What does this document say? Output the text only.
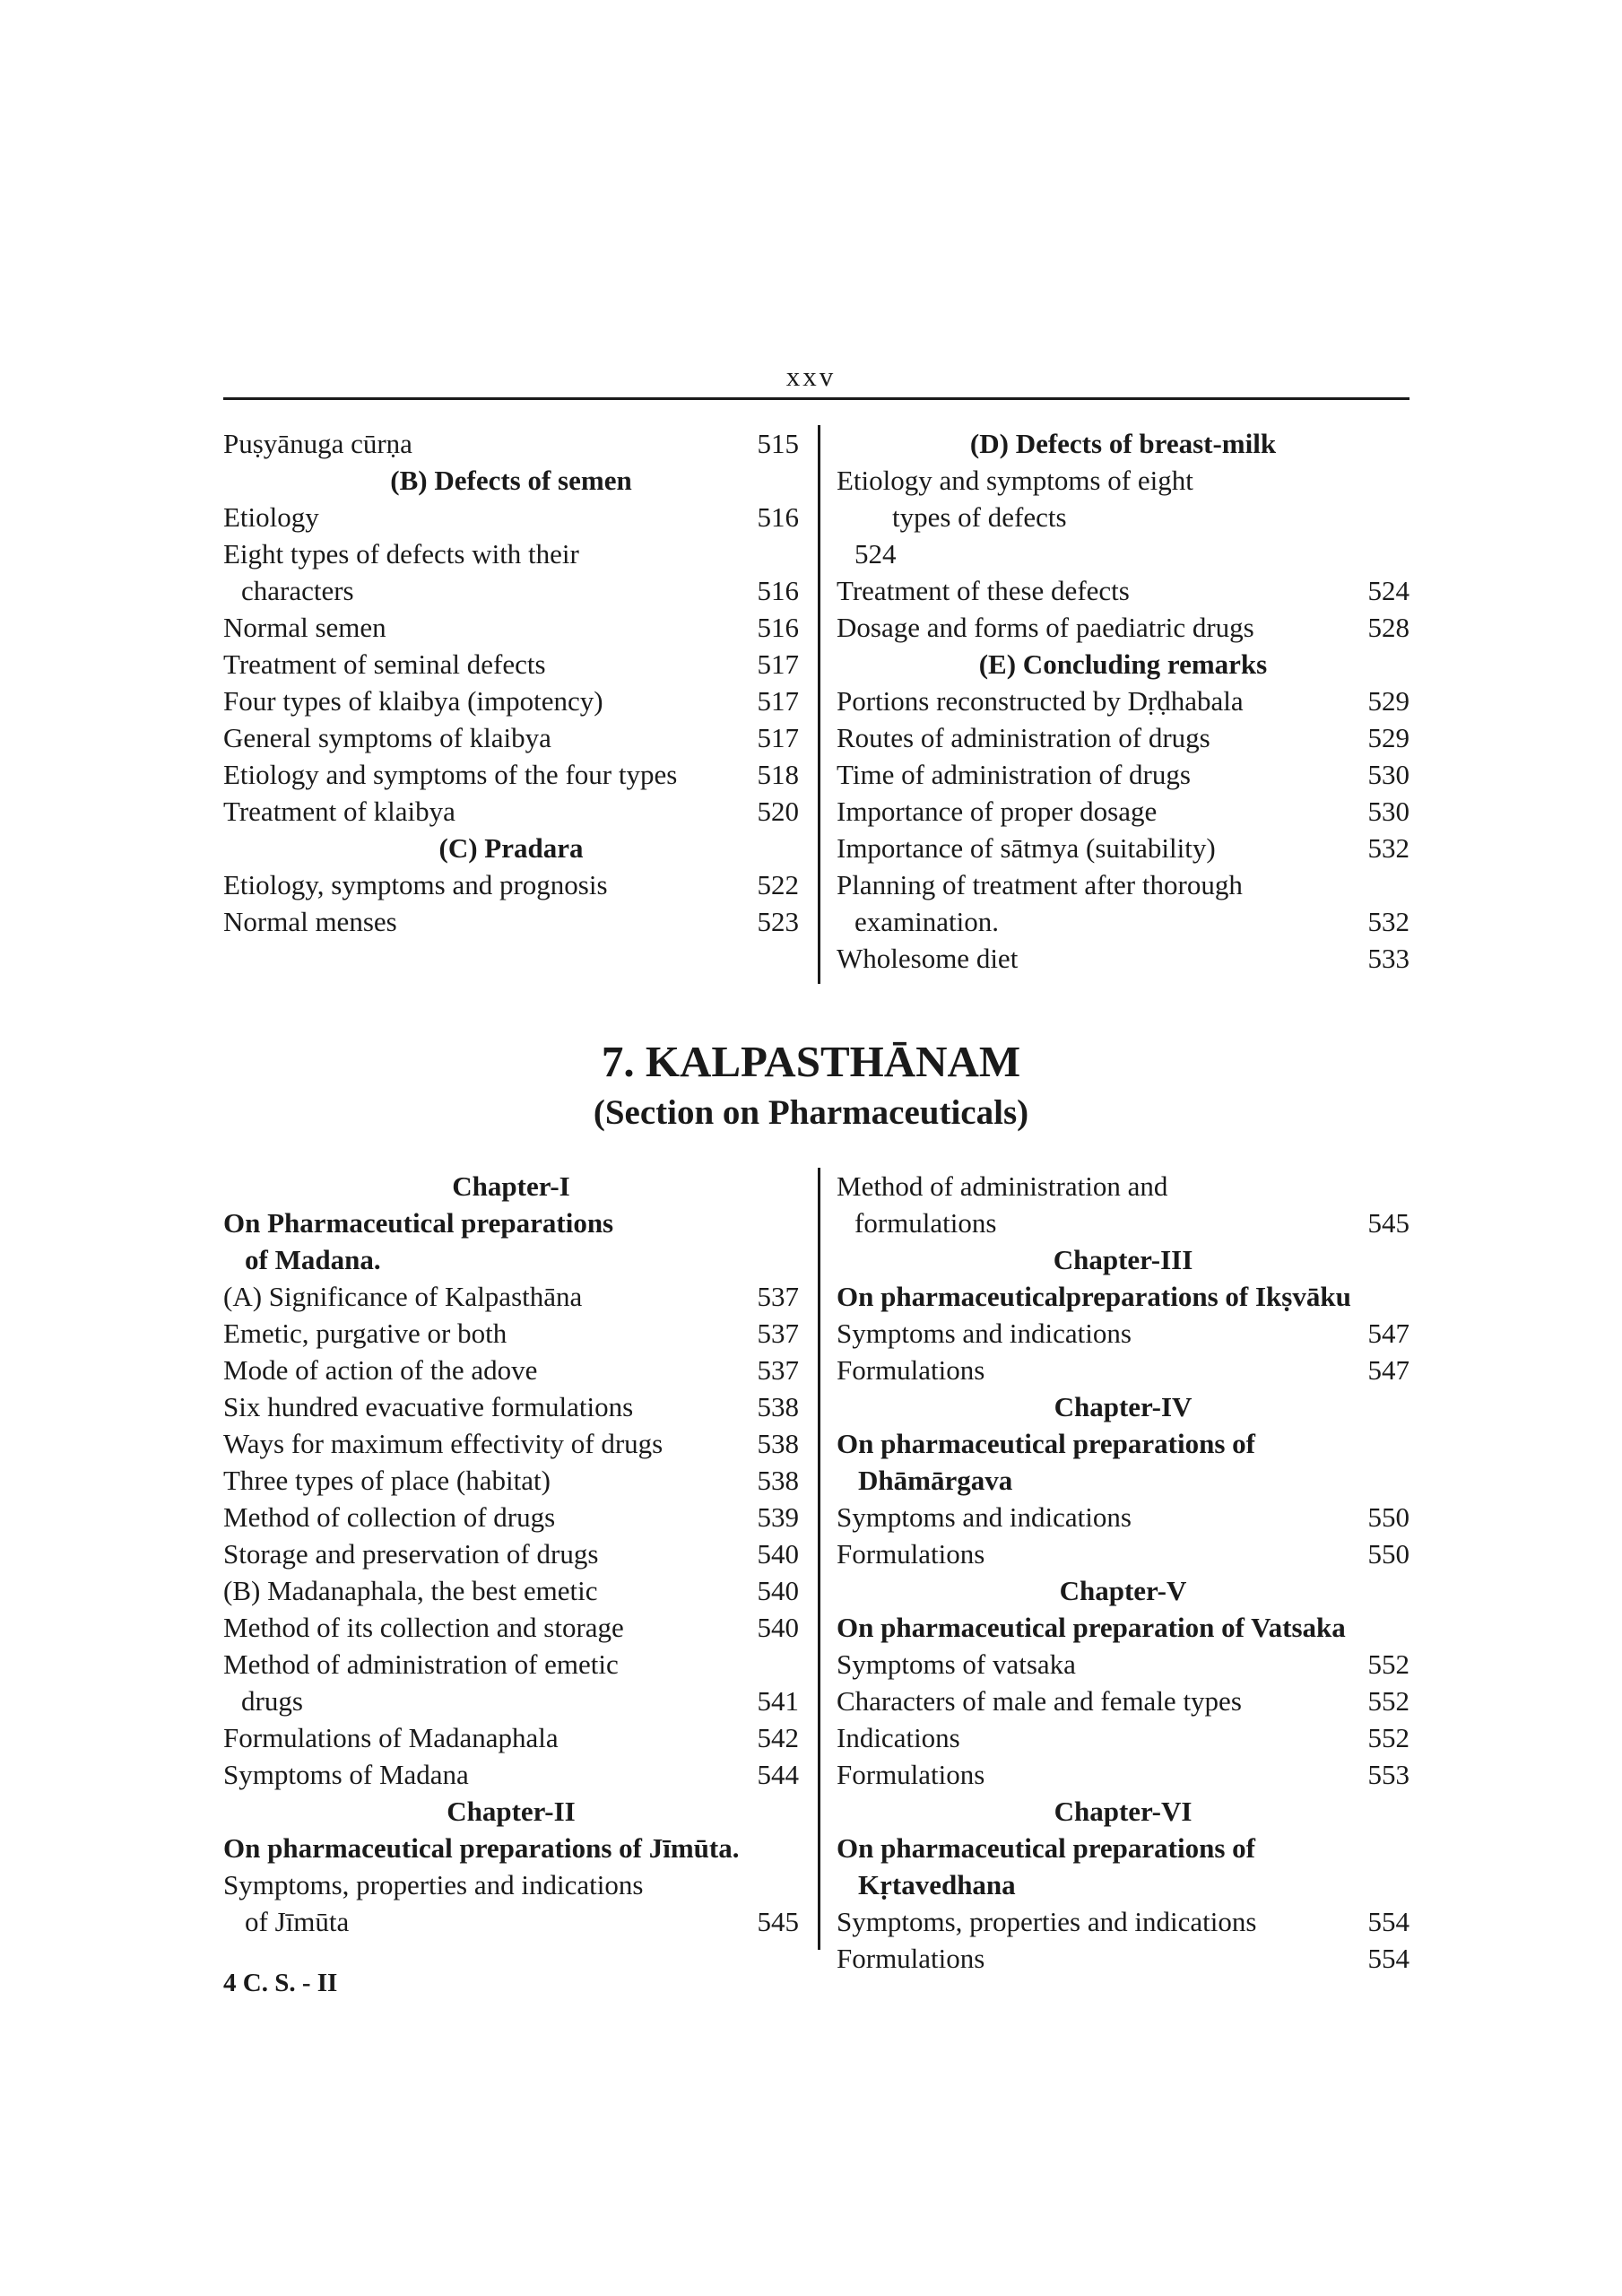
xxv
Puṣyānuga cūrṇa	515
(B) Defects of semen
Etiology	516
Eight types of defects with their
characters	516
Normal semen	516
Treatment of seminal defects	517
Four types of klaibya (impotency)	517
General symptoms of klaibya	517
Etiology and symptoms of the four types	518
Treatment of klaibya	520
(C) Pradara
Etiology, symptoms and prognosis	522
Normal menses	523
(D) Defects of breast-milk
Etiology and symptoms of eight
types of defects
524
Treatment of these defects	524
Dosage and forms of paediatric drugs	528
(E) Concluding remarks
Portions reconstructed by Dṛḍhabala	529
Routes of administration of drugs	529
Time of administration of drugs	530
Importance of proper dosage	530
Importance of sātmya (suitability)	532
Planning of treatment after thorough
examination.	532
Wholesome diet	533
7. KALPASTHĀNAM
(Section on Pharmaceuticals)
Chapter-I
On Pharmaceutical preparations
of Madana.
(A) Significance of Kalpasthāna	537
Emetic, purgative or both	537
Mode of action of the adove	537
Six hundred evacuative formulations	538
Ways for maximum effectivity of drugs	538
Three types of place (habitat)	538
Method of collection of drugs	539
Storage and preservation of drugs	540
(B) Madanaphala, the best emetic	540
Method of its collection and storage	540
Method of administration of emetic
drugs	541
Formulations of Madanaphala	542
Symptoms of Madana	544
Chapter-II
On pharmaceutical preparations of Jīmūta.
Symptoms, properties and indications
of Jīmūta	545
Method of administration and
formulations	545
Chapter-III
On pharmaceuticalpreparations of Ikṣvāku
Symptoms and indications	547
Formulations	547
Chapter-IV
On pharmaceutical preparations of
Dhāmārgava
Symptoms and indications	550
Formulations	550
Chapter-V
On pharmaceutical preparation of Vatsaka
Symptoms of vatsaka	552
Characters of male and female types	552
Indications	552
Formulations	553
Chapter-VI
On pharmaceutical preparations of
Kṛtavedhana
Symptoms, properties and indications	554
Formulations	554
4 C. S. - II
